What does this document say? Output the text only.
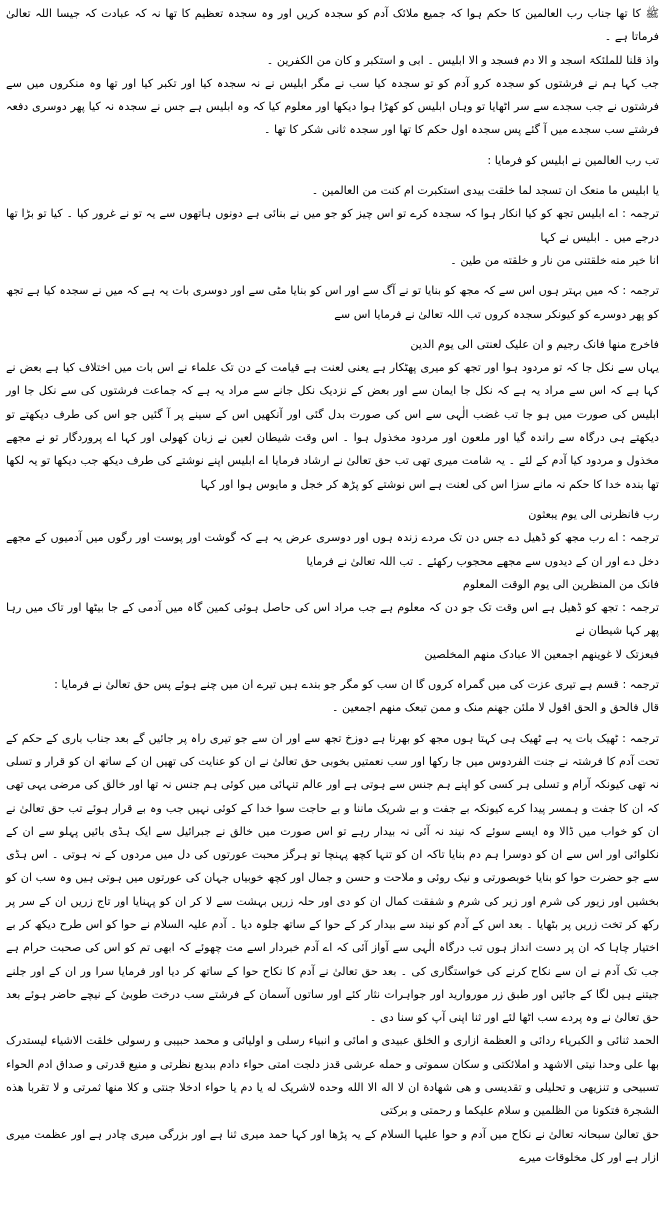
ﷺ کا تھا جناب رب العالمین کا حکم ہوا کہ جمیع ملائک آدم کو سجدہ کریں اور وہ سجدہ تعظیم کا تھا نہ کہ عبادت کہ جیسا اللہ تعالیٰ فرماتا ہے ۔

واذ قلنا للملئکۃ اسجد و الا دم فسجد و الا ابلیس ۔ ابی و استکبر و کان من الکفرین ۔

جب کہا ہم نے فرشتوں کو سجدہ کرو آدم کو تو سجدہ کیا سب نے مگر ابلیس نے نہ سجدہ کیا اور تکبر کیا اور تھا وہ منکروں میں سے فرشتوں نے جب سجدے سے سر اٹھایا تو وہاں ابلیس کو کھڑا ہوا دیکھا اور معلوم کیا کہ وہ ابلیس ہے جس نے سجدہ نہ کیا پھر دوسری دفعہ فرشتے سب سجدے میں آ گئے پس سجدہ اول حکم کا تھا اور سجدہ ثانی شکر کا تھا ۔

تب رب العالمین نے ابلیس کو فرمایا :

یا ابلیس ما منعک ان تسجد لما خلقت بیدی استکبرت ام کنت من العالمین ۔

ترجمہ : اے ابلیس تجھ کو کیا انکار ہوا کہ سجدہ کرے تو اس چیز کو جو میں نے بنائی ہے دونوں ہاتھوں سے یہ تو نے غرور کیا ۔ کیا تو بڑا تھا درجے میں ۔ ابلیس نے کہا

انا خیر منه خلقتنی من نار و خلقته من طین ۔

ترجمہ : کہ میں بہتر ہوں اس سے کہ مجھ کو بنایا تو نے آگ سے اور اس کو بنایا مٹی سے اور دوسری بات یہ ہے کہ میں نے سجدہ کیا ہے تجھ کو پھر دوسرے کو کیونکر سجدہ کروں تب اللہ تعالیٰ نے فرمایا اس سے

فاخرج منها فانک رجیم و ان علیک لعنتی الی یوم الدین

یہاں سے نکل جا کہ تو مردود ہوا اور تجھ کو میری پھٹکار ہے یعنی لعنت ہے قیامت کے دن تک علماء نے اس بات میں اختلاف کیا ہے بعض نے کہا ہے کہ اس سے مراد یہ ہے کہ نکل جا ایمان سے اور بعض کے نزدیک نکل جانے سے مراد یہ ہے کہ جماعت فرشتوں کی سے نکل جا اور ابلیس کی صورت میں ہو جا تب غضب الٰہی سے اس کی صورت بدل گئی اور آنکھیں اس کے سینے پر آ گئیں جو اس کی طرف دیکھتے تو دیکھتے ہی درگاہ سے راندہ گیا اور ملعون اور مردود مخذول ہوا ۔ اس وقت شیطان لعین نے زبان کھولی اور کہا اے پروردگار تو نے مجھے مخذول و مردود کیا آدم کے لئے ۔ یہ شامت میری تھی تب حق تعالیٰ نے ارشاد فرمایا اے ابلیس اپنے نوشتے کی طرف دیکھ جب دیکھا تو یہ لکھا تھا بندہ خدا کا حکم نہ مانے سزا اس کی لعنت ہے اس نوشتے کو پڑھ کر خجل و مایوس ہوا اور کہا

رب فانظرنی الی یوم یبعثون

ترجمہ : اے رب مجھ کو ڈھیل دے جس دن تک مردے زندہ ہوں اور دوسری عرض یہ ہے کہ گوشت اور پوست اور رگوں میں آدمیوں کے مجھے دخل دے اور ان کے دیدوں سے مجھے محجوب رکھئے ۔ تب اللہ تعالیٰ نے فرمایا

فانک من المنظرین الی یوم الوقت المعلوم

ترجمہ : تجھ کو ڈھیل ہے اس وقت تک جو دن کہ معلوم ہے جب مراد اس کی حاصل ہوئی کمین گاہ میں آدمی کے جا بیٹھا اور تاک میں رہا پھر کہا شیطان نے

فبعزتک لا غوینهم اجمعین الا عبادک منهم المخلصین

ترجمہ : قسم ہے تیری عزت کی میں گمراہ کروں گا ان سب کو مگر جو بندے ہیں تیرے ان میں چنے ہوئے پس حق تعالیٰ نے فرمایا :

قال فالحق و الحق اقول لا ملئن جهنم منک و ممن تبعک منهم اجمعین ۔

ترجمہ : ٹھیک بات یہ ہے ٹھیک ہی کہتا ہوں مجھ کو بھرنا ہے دوزخ تجھ سے اور ان سے جو تیری راہ پر جائیں گے بعد جناب باری کے حکم کے تحت آدم کا فرشتہ نے جنت الفردوس میں جا رکھا اور سب نعمتیں بخوبی حق تعالیٰ نے ان کو عنایت کی تھیں ان کے ساتھ ان کو قرار و تسلی نہ تھی کیونکہ آرام و تسلی ہر کسی کو اپنے ہم جنس سے ہوتی ہے اور عالم تنہائی میں کوئی ہم جنس نہ تھا اور خالق کی مرضی یہی تھی کہ ان کا جفت و ہمسر پیدا کرے کیونکہ بے جفت و بے شریک ماننا و بے حاجت سوا خدا کے کوئی نہیں جب وہ بے قرار ہوئے تب حق تعالیٰ نے ان کو خواب میں ڈالا وہ ایسے سوئے کہ نیند نہ آئی نہ بیدار رہے تو اس صورت میں خالق نے جبرائیل سے ایک ہڈی بائیں پہلو سے ان کے نکلوائی اور اس سے ان کو دوسرا ہم دم بنایا تاکہ ان کو تنہا کچھ پہنچا تو ہرگز محبت عورتوں کی دل میں مردوں کے نہ ہوتی ۔ اس ہڈی سے جو حضرت حوا کو بنایا خوبصورتی و نیک روئی و ملاحت و حسن و جمال اور کچھ خوبیاں جہان کی عورتوں میں ہوتی ہیں وہ سب ان کو بخشیں اور زیور کی شرم اور زیر کی شرم و شفقت کمال ان کو دی اور حلہ زریں بہشت سے لا کر ان کو پہنایا اور تاج زریں ان کے سر پر رکھ کر تخت زریں پر بٹھایا ۔ بعد اس کے آدم کو نیند سے بیدار کر کے حوا کے ساتھ جلوہ دیا ۔ آدم علیہ السلام نے حوا کو اس طرح دیکھ کر بے اختیار چاہا کہ ان پر دست انداز ہوں تب درگاہ الٰہی سے آواز آئی کہ اے آدم خبردار اسے مت چھوئے کہ ابھی تم کو اس کی صحبت حرام ہے جب تک آدم نے ان سے نکاح کرنے کی خواستگاری کی ۔ بعد حق تعالیٰ نے آدم کا نکاح حوا کے ساتھ کر دیا اور فرمایا سرا ور ان کے اور جلنے جیتنے ہیں لگا کے جائیں اور طبق زر موروارید اور جواہرات نثار کئے اور ساتوں آسمان کے فرشتے سب درخت طوبیٰ کے نیچے حاضر ہوئے بعد حق تعالیٰ نے وہ پردے سب اٹھا لئے اور ثنا اپنی آپ کو سنا دی ۔

الحمد ثنائی و الکبریاء ردائی و العظمة ازاری و الخلق عبیدی و امائی و انبیاء رسلی و اولیائی و محمد حبیبی و رسولی خلقت الاشیاء لیستدرک بها علی وحدا نیتی الاشهد و املائکتی و سکان سموتی و حمله عرشی قدز دلجت امتی حواء دادم ببدیع نظرتی و منیع قدرتی و صداق ادم الحواء تسبیحی و تنزیهی و تحلیلی و تقدیسی و هی شهادة ان لا اله الا الله وحده لاشریک له یا دم یا حواء ادخلا جنتی و کلا منها ثمرتی و لا تقربا هذه الشجرة فتکونا من الظلمین و سلام علیکما و رحمتی و برکتی

حق تعالیٰ سبحانہ تعالیٰ نے نکاح میں آدم و حوا علیہا السلام کے یہ پڑھا اور کہا حمد میری ثنا ہے اور بزرگی میری چادر ہے اور عظمت میری ازار ہے اور کل مخلوقات میرے
